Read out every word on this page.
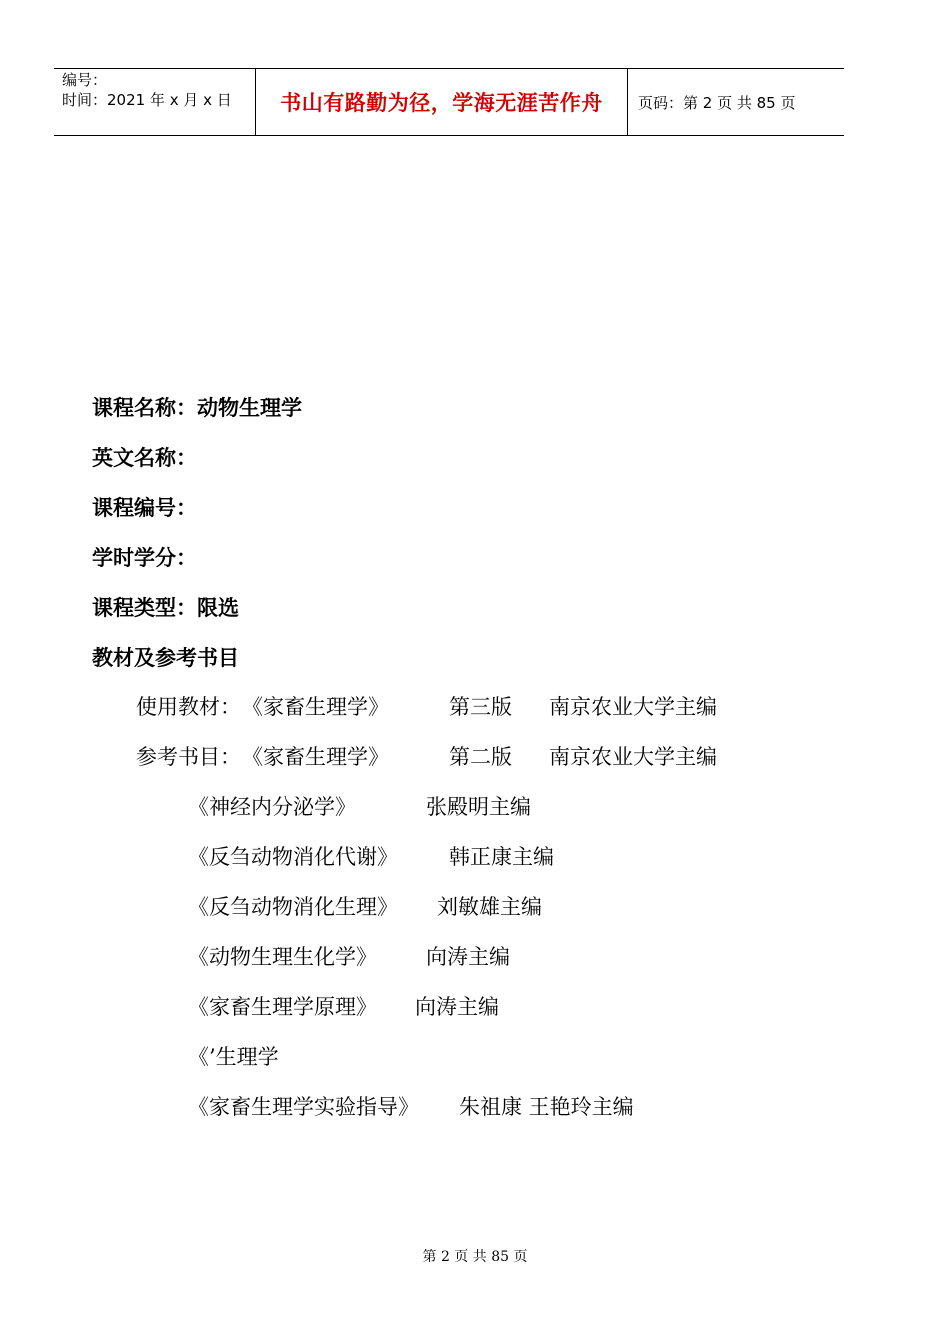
编号：
时间：2021 年 x 月 x 日 书山有路勤为径，学海无涯苦作舟 页码：第 2 页 共 85 页
课程名称：动物生理学
英文名称：
课程编号：
学时学分：
课程类型：限选
教材及参考书目
使用教材： 《家畜生理学》	第三版 南京农业大学主编
参考书目： 《家畜生理学》	第二版 南京农业大学主编
《神经内分泌学》	张殿明主编
《反刍动物消化代谢》 韩正康主编
《反刍动物消化生理》 刘敏雄主编
《动物生理生化学》 向涛主编
《家畜生理学原理》 向涛主编
《’生理学
《家畜生理学实验指导》 朱祖康 王艳玲主编
第 2 页 共 85 页
